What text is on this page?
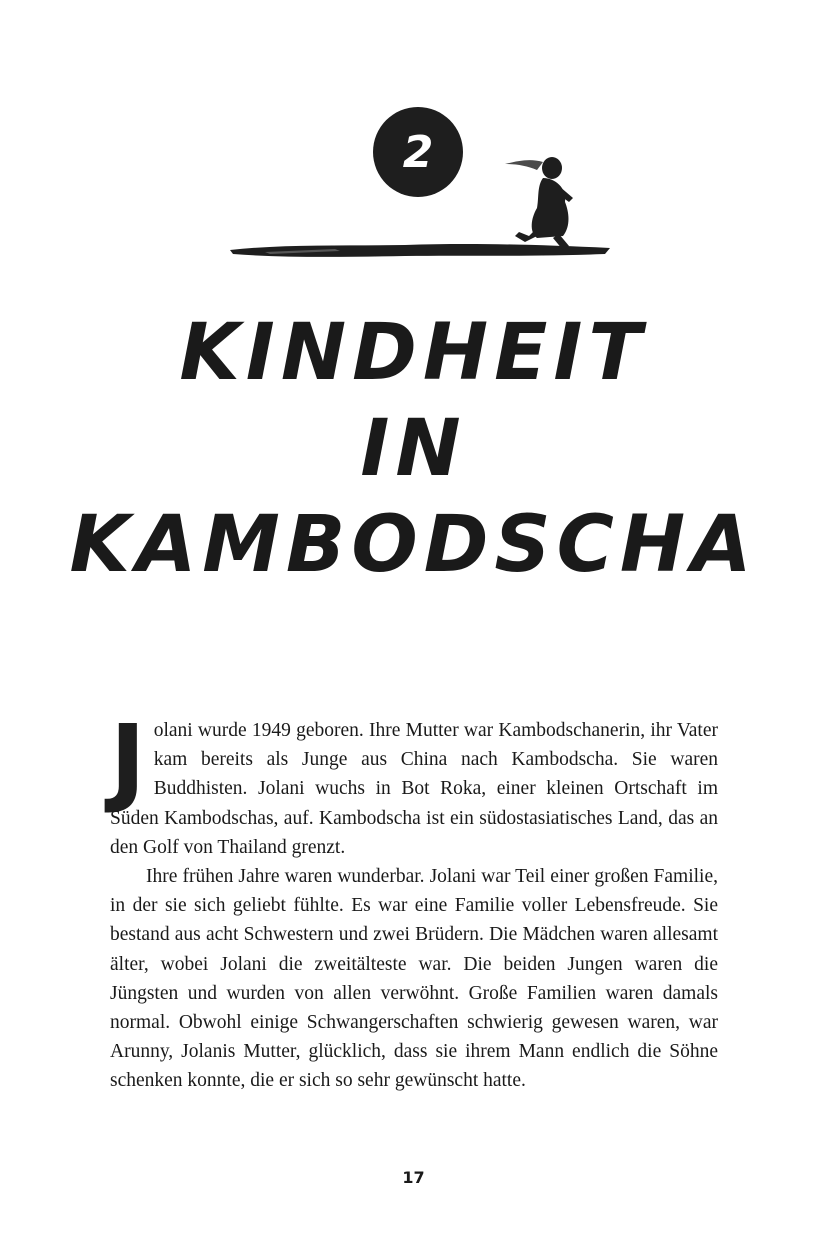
2
KINDHEIT
IN
KAMBODSCHA

Jolani wurde 1949 geboren. Ihre Mutter war Kambodschanerin, ihr Vater kam bereits als Junge aus China nach Kambodscha. Sie waren Buddhisten. Jolani wuchs in Bot Roka, einer kleinen Ortschaft im Süden Kambodschas, auf. Kambodscha ist ein südostasiatisches Land, das an den Golf von Thailand grenzt.

Ihre frühen Jahre waren wunderbar. Jolani war Teil einer großen Familie, in der sie sich geliebt fühlte. Es war eine Familie voller Lebensfreude. Sie bestand aus acht Schwestern und zwei Brüdern. Die Mädchen waren allesamt älter, wobei Jolani die zweitälteste war. Die beiden Jungen waren die Jüngsten und wurden von allen verwöhnt. Große Familien waren damals normal. Obwohl einige Schwangerschaften schwierig gewesen waren, war Arunny, Jolanis Mutter, glücklich, dass sie ihrem Mann endlich die Söhne schenken konnte, die er sich so sehr gewünscht hatte.

17
